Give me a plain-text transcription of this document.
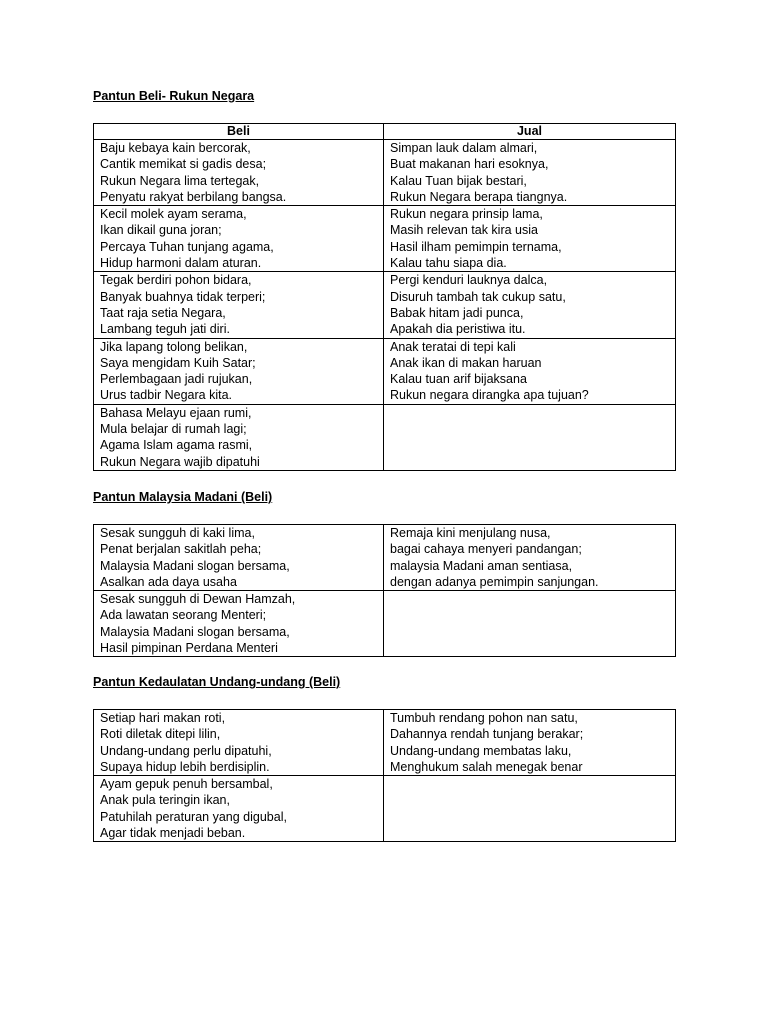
Pantun Beli- Rukun Negara
Beli	Jual

Baju kebaya kain bercorak,
Cantik memikat si gadis desa;
Rukun Negara lima tertegak,
Penyatu rakyat berbilang bangsa.	Simpan lauk dalam almari,
Buat makanan hari esoknya,
Kalau Tuan bijak bestari,
Rukun Negara berapa tiangnya.

Kecil molek ayam serama,
Ikan dikail guna joran;
Percaya Tuhan tunjang agama,
Hidup harmoni dalam aturan.	Rukun negara prinsip lama,
Masih relevan tak kira usia
Hasil ilham pemimpin ternama,
Kalau tahu siapa dia.

Tegak berdiri pohon bidara,
Banyak buahnya tidak terperi;
Taat raja setia Negara,
Lambang teguh jati diri.	Pergi kenduri lauknya dalca,
Disuruh tambah tak cukup satu,
Babak hitam jadi punca,
Apakah dia peristiwa itu.

Jika lapang tolong belikan,
Saya mengidam Kuih Satar;
Perlembagaan jadi rujukan,
Urus tadbir Negara kita.	Anak teratai di tepi kali
Anak ikan di makan haruan
Kalau tuan arif bijaksana
Rukun negara dirangka apa tujuan?

Bahasa Melayu ejaan rumi,
Mula belajar di rumah lagi;
Agama Islam agama rasmi,
Rukun Negara wajib dipatuhi	

Pantun Malaysia Madani (Beli)
Sesak sungguh di kaki lima,
Penat berjalan sakitlah peha;
Malaysia Madani slogan bersama,
Asalkan ada daya usaha	Remaja kini menjulang nusa,
bagai cahaya menyeri pandangan;
malaysia Madani aman sentiasa,
dengan adanya pemimpin sanjungan.

Sesak sungguh di Dewan Hamzah,
Ada lawatan seorang Menteri;
Malaysia Madani slogan bersama,
Hasil pimpinan Perdana Menteri	

Pantun Kedaulatan Undang-undang (Beli)
Setiap hari makan roti,
Roti diletak ditepi lilin,
Undang-undang perlu dipatuhi,
Supaya hidup lebih berdisiplin.	Tumbuh rendang pohon nan satu,
Dahannya rendah tunjang berakar;
Undang-undang membatas laku,
Menghukum salah menegak benar

Ayam gepuk penuh bersambal,
Anak pula teringin ikan,
Patuhilah peraturan yang digubal,
Agar tidak menjadi beban.	
